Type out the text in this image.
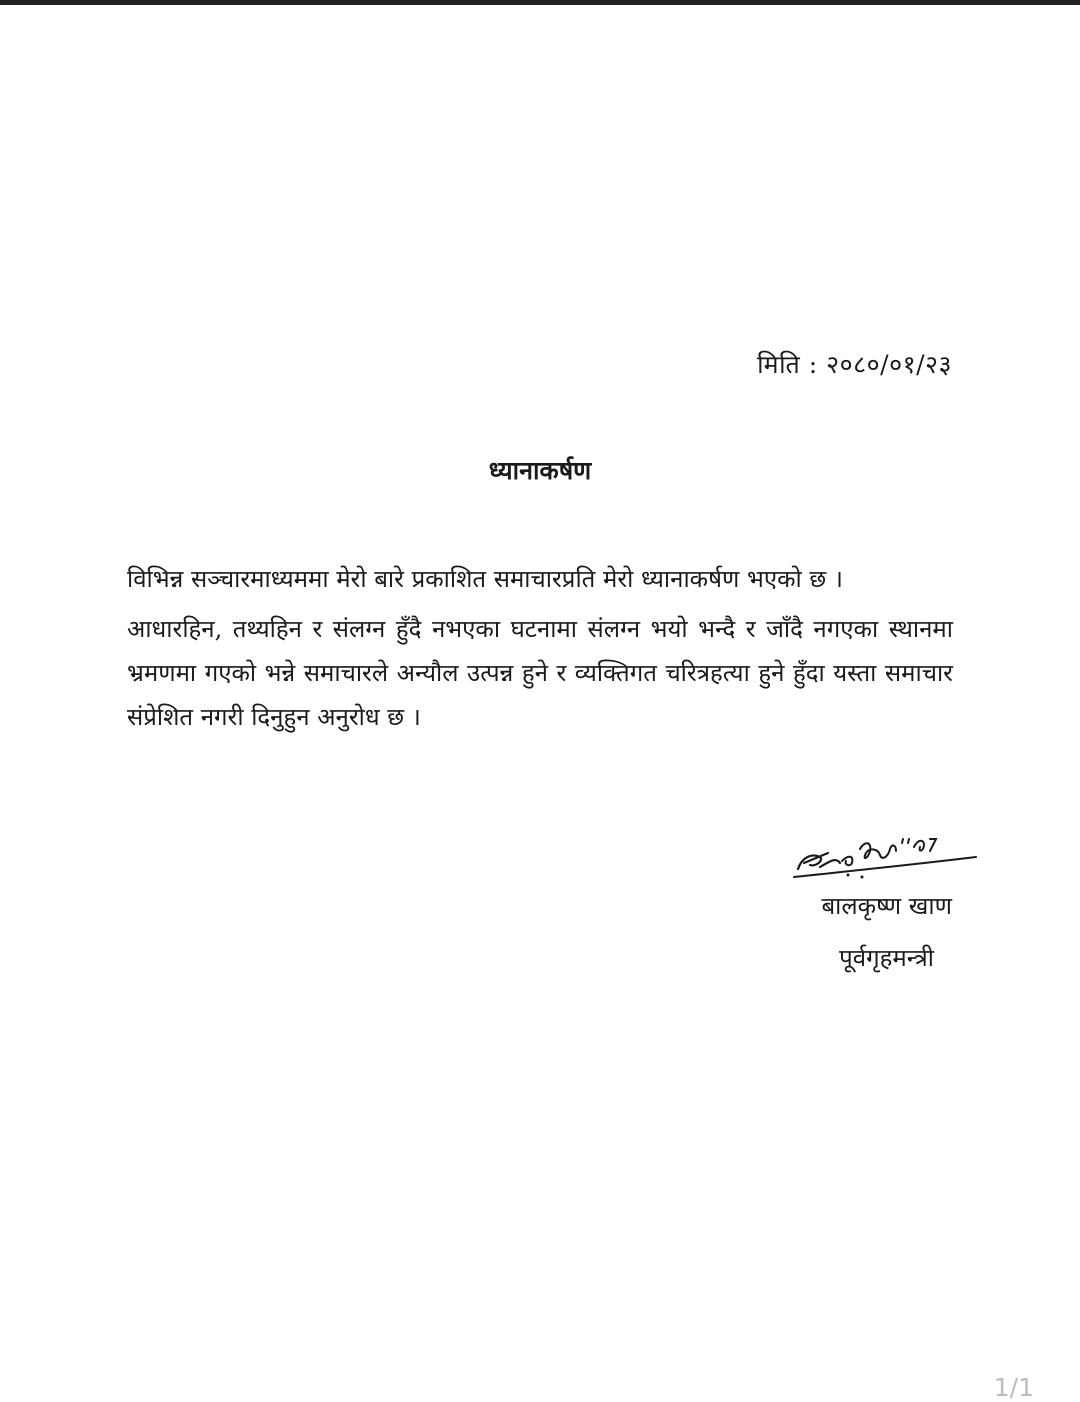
मिति : २०८०/०१/२३
ध्यानाकर्षण

विभिन्न सञ्चारमाध्यममा मेरो बारे प्रकाशित समाचारप्रति मेरो ध्यानाकर्षण भएको छ ।

आधारहिन, तथ्यहिन र संलग्न हुँदै नभएका घटनामा संलग्न भयो भन्दै र जाँदै नगएका स्थानमा भ्रमणमा गएको भन्ने समाचारले अन्यौल उत्पन्न हुने र व्यक्तिगत चरित्रहत्या हुने हुँदा यस्ता समाचार संप्रेशित नगरी दिनुहुन अनुरोध छ ।

बालकृष्ण खाण
पूर्वगृहमन्त्री
1/1
